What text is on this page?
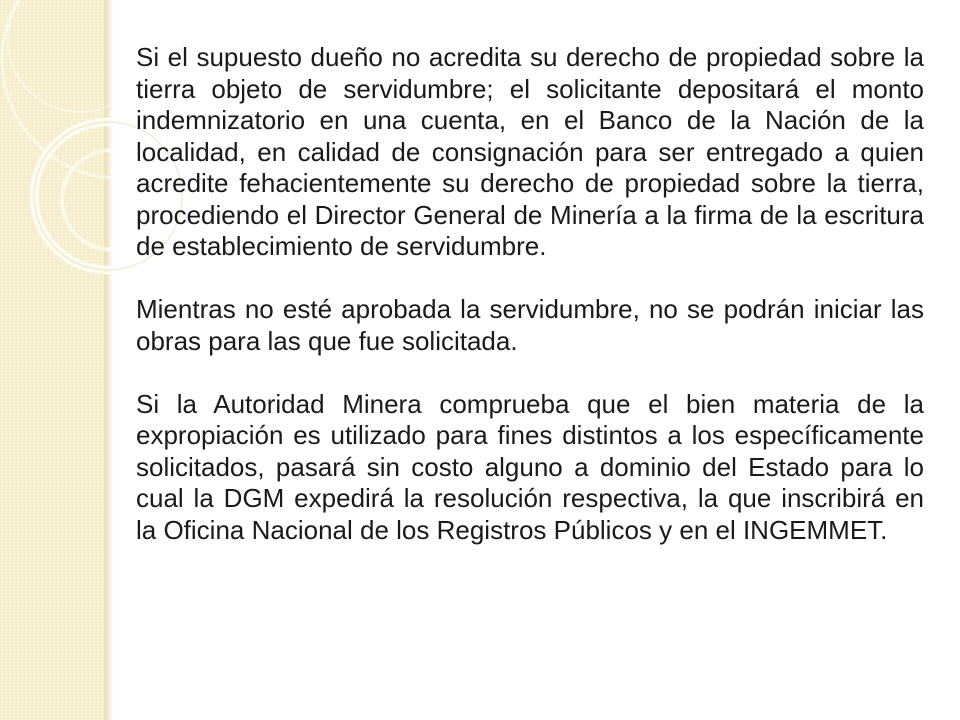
Si el supuesto dueño no acredita su derecho de propiedad sobre la tierra objeto de servidumbre; el solicitante depositará el monto indemnizatorio en una cuenta, en el Banco de la Nación de la localidad, en calidad de consignación para ser entregado a quien acredite fehacientemente su derecho de propiedad sobre la tierra, procediendo el Director General de Minería a la firma de la escritura de establecimiento de servidumbre.

Mientras no esté aprobada la servidumbre, no se podrán iniciar las obras para las que fue solicitada.

Si la Autoridad Minera comprueba que el bien materia de la expropiación es utilizado para fines distintos a los específicamente solicitados, pasará sin costo alguno a dominio del Estado para lo cual la DGM expedirá la resolución respectiva, la que inscribirá en la Oficina Nacional de los Registros Públicos y en el INGEMMET.
